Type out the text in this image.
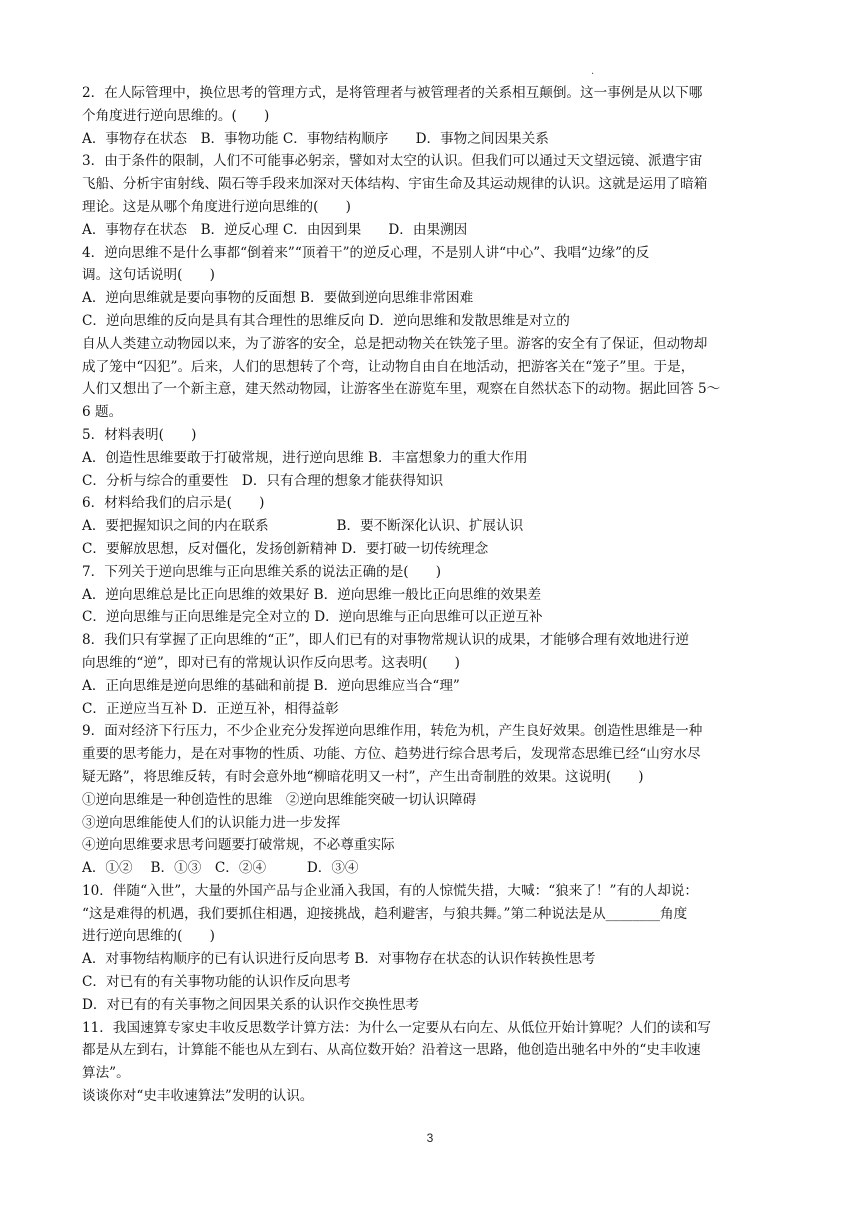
.
2．在人际管理中，换位思考的管理方式，是将管理者与被管理者的关系相互颠倒。这一事例是从以下哪
个角度进行逆向思维的。(　　)
A．事物存在状态　B．事物功能 C．事物结构顺序　　D．事物之间因果关系
3．由于条件的限制，人们不可能事必躬亲，譬如对太空的认识。但我们可以通过天文望远镜、派遣宇宙
飞船、分析宇宙射线、陨石等手段来加深对天体结构、宇宙生命及其运动规律的认识。这就是运用了暗箱
理论。这是从哪个角度进行逆向思维的(　　)
A．事物存在状态　B．逆反心理 C．由因到果　　D．由果溯因
4．逆向思维不是什么事都“倒着来”“顶着干”的逆反心理，不是别人讲“中心”、我唱“边缘”的反
调。这句话说明(　　)
A．逆向思维就是要向事物的反面想 B．要做到逆向思维非常困难
C．逆向思维的反向是具有其合理性的思维反向 D．逆向思维和发散思维是对立的
自从人类建立动物园以来，为了游客的安全，总是把动物关在铁笼子里。游客的安全有了保证，但动物却
成了笼中“囚犯”。后来，人们的思想转了个弯，让动物自由自在地活动，把游客关在“笼子”里。于是，
人们又想出了一个新主意，建天然动物园，让游客坐在游览车里，观察在自然状态下的动物。据此回答 5～
6 题。
5．材料表明(　　)
A．创造性思维要敢于打破常规，进行逆向思维 B．丰富想象力的重大作用
C．分析与综合的重要性　D．只有合理的想象才能获得知识
6．材料给我们的启示是(　　)
A．要把握知识之间的内在联系　　　　　B．要不断深化认识、扩展认识
C．要解放思想，反对僵化，发扬创新精神 D．要打破一切传统理念
7．下列关于逆向思维与正向思维关系的说法正确的是(　　)
A．逆向思维总是比正向思维的效果好 B．逆向思维一般比正向思维的效果差
C．逆向思维与正向思维是完全对立的 D．逆向思维与正向思维可以正逆互补
8．我们只有掌握了正向思维的“正”，即人们已有的对事物常规认识的成果，才能够合理有效地进行逆
向思维的“逆”，即对已有的常规认识作反向思考。这表明(　　)
A．正向思维是逆向思维的基础和前提 B．逆向思维应当合“理”
C．正逆应当互补 D．正逆互补，相得益彰
9．面对经济下行压力，不少企业充分发挥逆向思维作用，转危为机，产生良好效果。创造性思维是一种
重要的思考能力，是在对事物的性质、功能、方位、趋势进行综合思考后，发现常态思维已经“山穷水尽
疑无路”，将思维反转，有时会意外地“柳暗花明又一村”，产生出奇制胜的效果。这说明(　　)
①逆向思维是一种创造性的思维　②逆向思维能突破一切认识障碍
③逆向思维能使人们的认识能力进一步发挥
④逆向思维要求思考问题要打破常规，不必尊重实际
A．①②　 B．①③　C．②④　　　D．③④
10．伴随“入世”，大量的外国产品与企业涌入我国，有的人惊慌失措，大喊：“狼来了！”有的人却说：
“这是难得的机遇，我们要抓住相遇，迎接挑战，趋利避害，与狼共舞。”第二种说法是从________角度
进行逆向思维的(　　)
A．对事物结构顺序的已有认识进行反向思考 B．对事物存在状态的认识作转换性思考
C．对已有的有关事物功能的认识作反向思考
D．对已有的有关事物之间因果关系的认识作交换性思考
11．我国速算专家史丰收反思数学计算方法：为什么一定要从右向左、从低位开始计算呢？人们的读和写
都是从左到右，计算能不能也从左到右、从高位数开始？沿着这一思路，他创造出驰名中外的“史丰收速
算法”。
谈谈你对“史丰收速算法”发明的认识。
3
